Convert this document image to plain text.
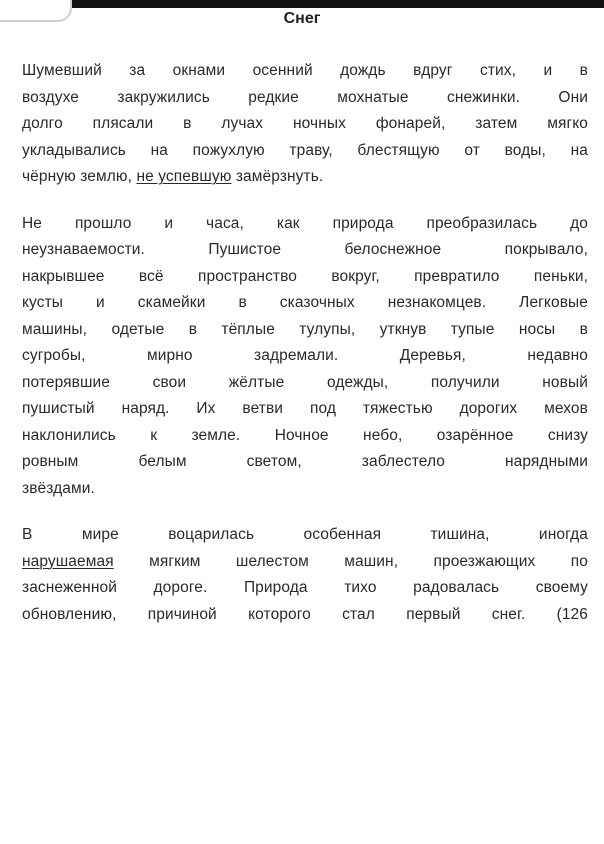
Снег
Шумевший за окнами осенний дождь вдруг стих, и в
воздухе закружились редкие мохнатые снежинки. Они
долго плясали в лучах ночных фонарей, затем мягко
укладывались на пожухлую траву, блестящую от воды, на
чёрную землю, не успевшую замёрзнуть.
Не прошло и часа, как природа преобразилась до
неузнаваемости. Пушистое белоснежное покрывало,
накрывшее всё пространство вокруг, превратило пеньки,
кусты и скамейки в сказочных незнакомцев. Легковые
машины, одетые в тёплые тулупы, уткнув тупые носы в
сугробы, мирно задремали. Деревья, недавно
потерявшие свои жёлтые одежды, получили новый
пушистый наряд. Их ветви под тяжестью дорогих мехов
наклонились к земле. Ночное небо, озарённое снизу
ровным белым светом, заблестело нарядными
звёздами.
В мире воцарилась особенная тишина, иногда
нарушаемая мягким шелестом машин, проезжающих по
заснеженной дороге. Природа тихо радовалась своему
обновлению, причиной которого стал первый снег. (126
